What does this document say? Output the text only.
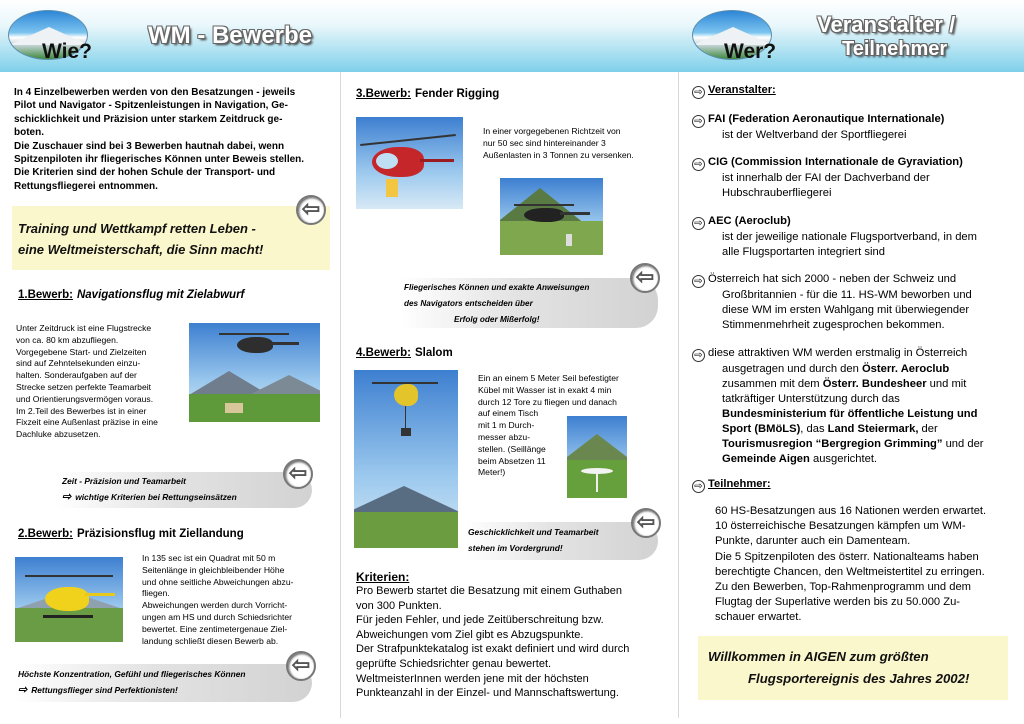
Wie?
WM - Bewerbe
Wer?
Veranstalter /
Teilnehmer
In 4 Einzelbewerben werden von den Besatzungen - jeweils
Pilot und Navigator - Spitzenleistungen in Navigation, Ge-
schicklichkeit und Präzision unter starkem Zeitdruck ge-
boten.
Die Zuschauer sind bei 3 Bewerben hautnah dabei, wenn
Spitzenpiloten ihr fliegerisches Können unter Beweis stellen.
Die Kriterien sind der hohen Schule der Transport- und
Rettungsfliegerei entnommen.
Training und Wettkampf retten Leben -
eine Weltmeisterschaft, die Sinn macht!
⇦
1.Bewerb: Navigationsflug mit Zielabwurf
Unter Zeitdruck ist eine Flugstrecke
von ca. 80 km abzufliegen.
Vorgegebene Start- und Zielzeiten
sind auf Zehntelsekunden einzu-
halten. Sonderaufgaben auf der
Strecke setzen perfekte Teamarbeit
und Orientierungsvermögen voraus.
Im 2.Teil des Bewerbes ist in einer
Fixzeit eine Außenlast präzise in eine
Dachluke abzusetzen.
Zeit - Präzision und Teamarbeit
⇨ wichtige Kriterien bei Rettungseinsätzen
⇦
2.Bewerb: Präzisionsflug mit Ziellandung
In 135 sec ist ein Quadrat mit 50 m
Seitenlänge in gleichbleibender Höhe
und ohne seitliche Abweichungen abzu-
fliegen.
Abweichungen werden durch Vorricht-
ungen am HS und durch Schiedsrichter
bewertet. Eine zentimetergenaue Ziel-
landung schließt diesen Bewerb ab.
Höchste Konzentration, Gefühl und fliegerisches Können
⇨ Rettungsflieger sind Perfektionisten!
⇦
3.Bewerb: Fender Rigging
In einer vorgegebenen Richtzeit von
nur 50 sec sind hintereinander 3
Außenlasten in 3 Tonnen zu versenken.
Fliegerisches Können und exakte Anweisungen
des Navigators entscheiden über
Erfolg oder Mißerfolg!
⇦
4.Bewerb: Slalom
Ein an einem 5 Meter Seil befestigter
Kübel mit Wasser ist in exakt 4 min
durch 12 Tore zu fliegen und danach
auf einem Tisch
mit 1 m Durch-
messer abzu-
stellen. (Seillänge
beim Absetzen 11
Meter!)
Geschicklichkeit und Teamarbeit
stehen im Vordergrund!
⇦
Kriterien:
Pro Bewerb startet die Besatzung mit einem Guthaben
von 300 Punkten.
Für jeden Fehler, und jede Zeitüberschreitung bzw.
Abweichungen vom Ziel gibt es Abzugspunkte.
Der Strafpunktekatalog ist exakt definiert und wird durch
geprüfte Schiedsrichter genau bewertet.
WeltmeisterInnen werden jene mit der höchsten
Punkteanzahl in der Einzel- und Mannschaftswertung.
⇨ Veranstalter:
⇨ FAI (Federation Aeronautique Internationale)
ist der Weltverband der Sportfliegerei
⇨ CIG (Commission Internationale de Gyraviation)
ist innerhalb der FAI der Dachverband der
Hubschrauberfliegerei
⇨ AEC (Aeroclub)
ist der jeweilige nationale Flugsportverband, in dem
alle Flugsportarten integriert sind
⇨ Österreich hat sich 2000 - neben der Schweiz und
Großbritannien - für die 11. HS-WM beworben und
diese WM im ersten Wahlgang mit überwiegender
Stimmenmehrheit zugesprochen bekommen.
⇨ diese attraktiven WM werden erstmalig in Österreich
ausgetragen und durch den Österr. Aeroclub
zusammen mit dem Österr. Bundesheer und mit
tatkräftiger Unterstützung durch das
Bundesministerium für öffentliche Leistung und
Sport (BMöLS), das Land Steiermark, der
Tourismusregion “Bergregion Grimming” und der
Gemeinde Aigen ausgerichtet.
⇨ Teilnehmer:
60 HS-Besatzungen aus 16 Nationen werden erwartet.
10 österreichische Besatzungen kämpfen um WM-
Punkte, darunter auch ein Damenteam.
Die 5 Spitzenpiloten des österr. Nationalteams haben
berechtigte Chancen, den Weltmeistertitel zu erringen.
Zu den Bewerben, Top-Rahmenprogramm und dem
Flugtag der Superlative werden bis zu 50.000 Zu-
schauer erwartet.
Willkommen in AIGEN zum größten
Flugsportereignis des Jahres 2002!
